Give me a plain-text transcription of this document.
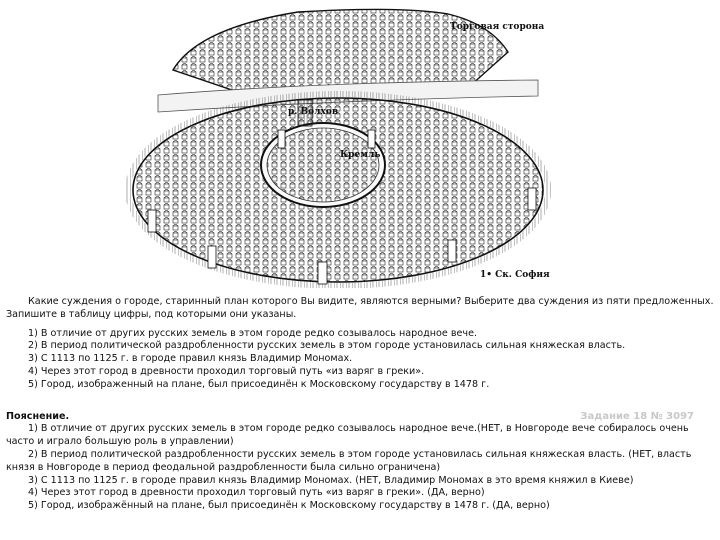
Торговая сторона
р. Волхов
Кремль
1• Ск. София

Какие суждения о городе, старинный план которого Вы видите, являются верными? Выберите два суждения из пяти предложенных. Запишите в таблицу цифры, под которыми они указаны.

1) В отличие от других русских земель в этом городе редко созывалось народное вече.
2) В период политической раздробленности русских земель в этом городе установилась сильная княжеская власть.
3) С 1113 по 1125 г. в городе правил князь Владимир Мономах.
4) Через этот город в древности проходил торговый путь «из варяг в греки».
5) Город, изображенный на плане, был присоединён к Московскому государству в 1478 г.

Пояснение.

1) В отличие от других русских земель в этом городе редко созывалось народное вече.(НЕТ, в Новгороде вече собиралось очень часто и играло большую роль в управлении)

2) В период политической раздробленности русских земель в этом городе установилась сильная княжеская власть. (НЕТ, власть князя в Новгороде в период феодальной раздробленности была сильно ограничена)

3) С 1113 по 1125 г. в городе правил князь Владимир Мономах. (НЕТ, Владимир Мономах в это время княжил в Киеве)

4) Через этот город в древности проходил торговый путь «из варяг в греки». (ДА, верно)

5) Город, изображённый на плане, был присоединён к Московскому государству в 1478 г. (ДА, верно)

Задание 18 № 3097
